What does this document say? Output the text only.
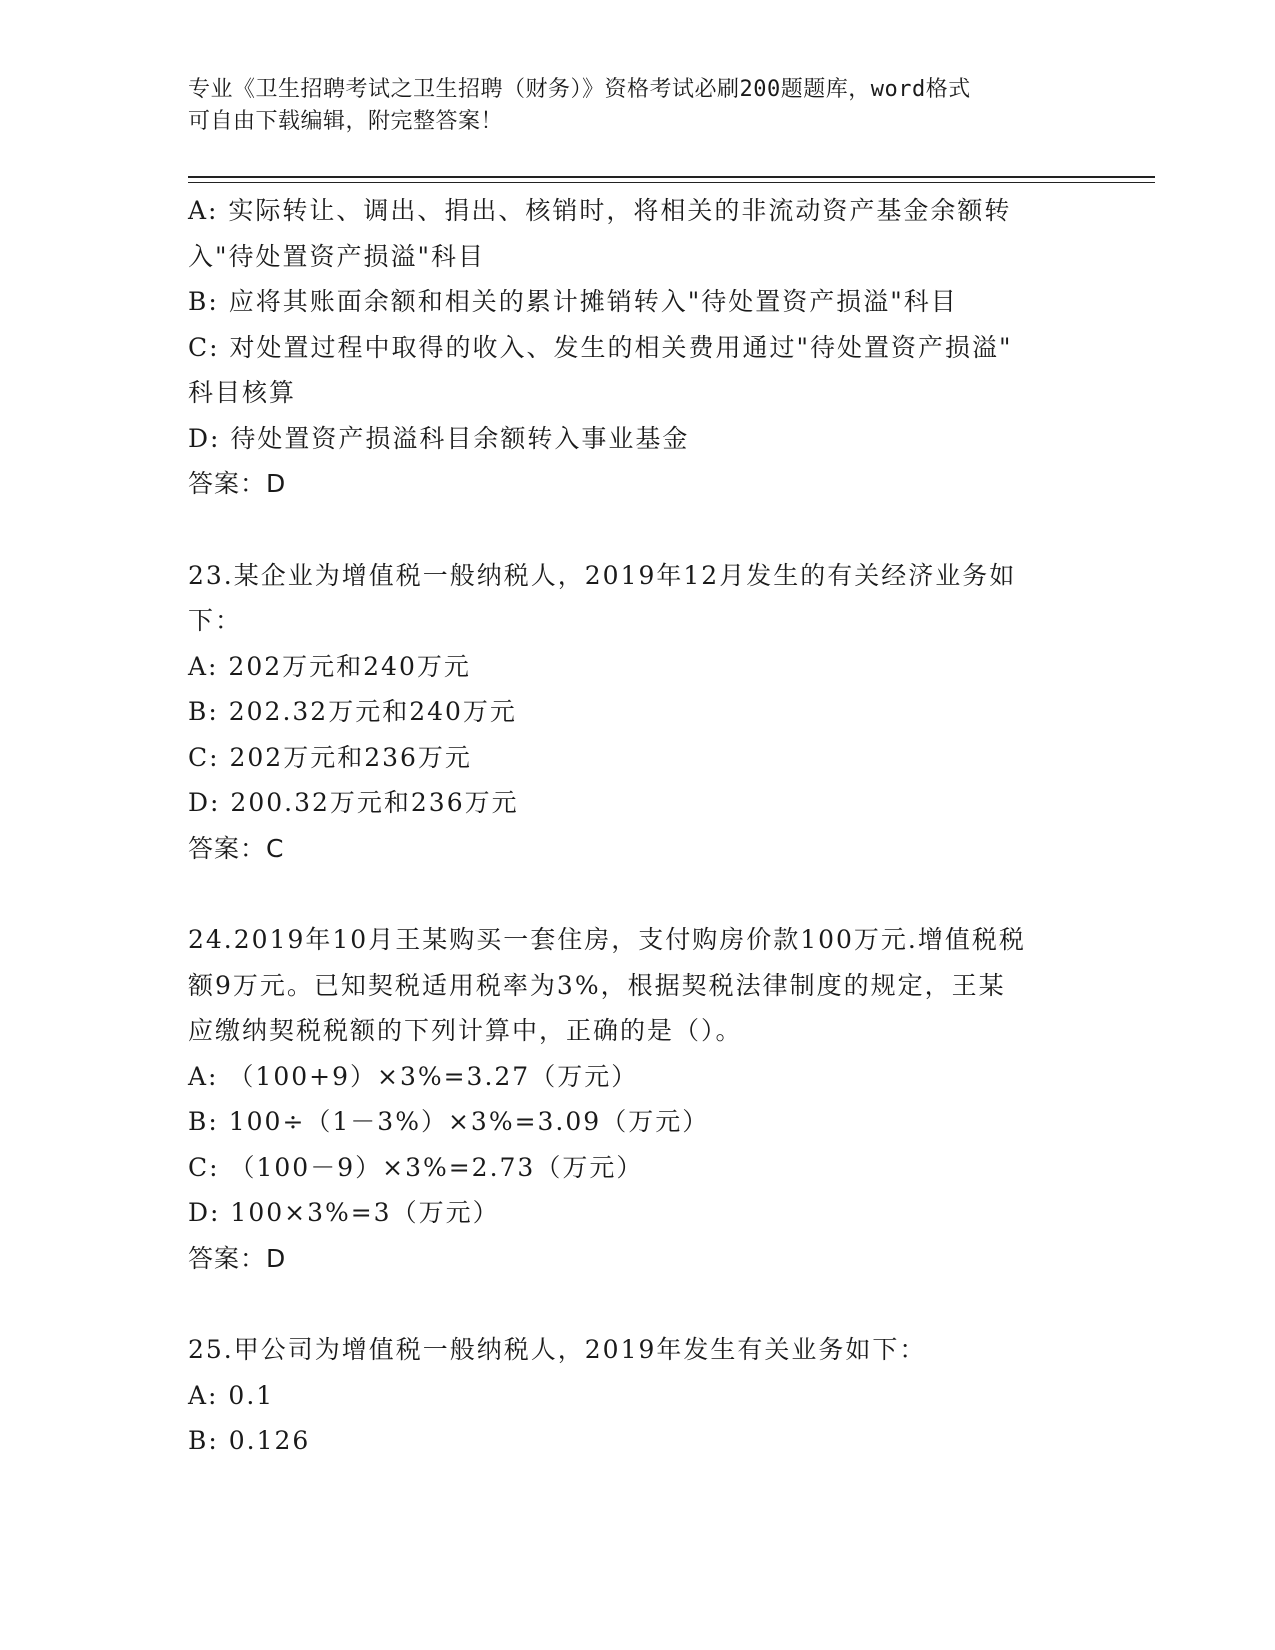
专业《卫生招聘考试之卫生招聘（财务）》资格考试必刷200题题库，word格式
可自由下载编辑，附完整答案！
A: 实际转让、调出、捐出、核销时，将相关的非流动资产基金余额转
入"待处置资产损溢"科目
B: 应将其账面余额和相关的累计摊销转入"待处置资产损溢"科目
C: 对处置过程中取得的收入、发生的相关费用通过"待处置资产损溢"
科目核算
D: 待处置资产损溢科目余额转入事业基金
答案：D
23.某企业为增值税一般纳税人，2019年12月发生的有关经济业务如
下：
A: 202万元和240万元
B: 202.32万元和240万元
C: 202万元和236万元
D: 200.32万元和236万元
答案：C
24.2019年10月王某购买一套住房，支付购房价款100万元.增值税税
额9万元。已知契税适用税率为3%，根据契税法律制度的规定，王某
应缴纳契税税额的下列计算中，正确的是（）。
A: （100+9）×3%=3.27（万元）
B: 100÷（1－3%）×3%=3.09（万元）
C: （100－9）×3%=2.73（万元）
D: 100×3%=3（万元）
答案：D
25.甲公司为增值税一般纳税人，2019年发生有关业务如下：
A: 0.1
B: 0.126
